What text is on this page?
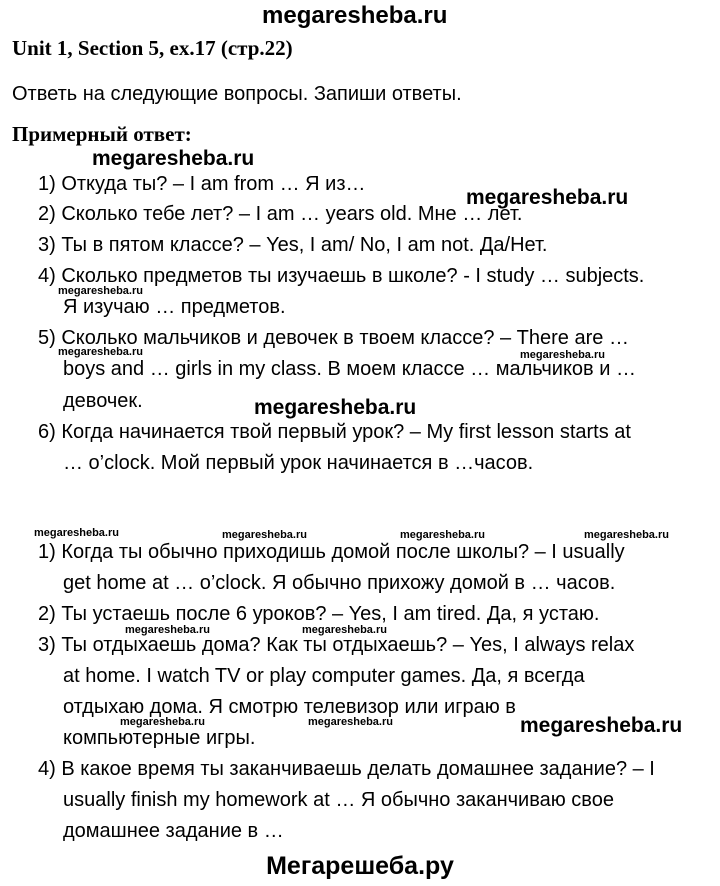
megaresheba.ru
Unit 1, Section 5, ex.17 (стр.22)
Ответь на следующие вопросы. Запиши ответы.
Примерный ответ:
1) Откуда ты? – I am from … Я из…
2) Сколько тебе лет? – I am … years old. Мне … лет.
3) Ты в пятом классе? – Yes, I am/ No, I am not. Да/Нет.
4) Сколько предметов ты изучаешь в школе? - I study … subjects.
Я изучаю … предметов.
5) Сколько мальчиков и девочек в твоем классе? – There are …
boys and … girls in my class. В моем классе … мальчиков и …
девочек.
6) Когда начинается твой первый урок? – My first lesson starts at
… o’clock. Мой первый урок начинается в …часов.
1) Когда ты обычно приходишь домой после школы? – I usually
get home at … o’clock. Я обычно прихожу домой в … часов.
2) Ты устаешь после 6 уроков? – Yes, I am tired. Да, я устаю.
3) Ты отдыхаешь дома? Как ты отдыхаешь? – Yes, I always relax
at home. I watch TV or play computer games. Да, я всегда
отдыхаю дома. Я смотрю телевизор или играю в
компьютерные игры.
4) В какое время ты заканчиваешь делать домашнее задание? – I
usually finish my homework at … Я обычно заканчиваю свое
домашнее задание в …
megaresheba.ru
megaresheba.ru
megaresheba.ru
megaresheba.ru	megaresheba.ru
megaresheba.ru
megaresheba.ru	megaresheba.ru	megaresheba.ru	megaresheba.ru
megaresheba.ru	megaresheba.ru
megaresheba.ru	megaresheba.ru	megaresheba.ru
Мегарешеба.ру
